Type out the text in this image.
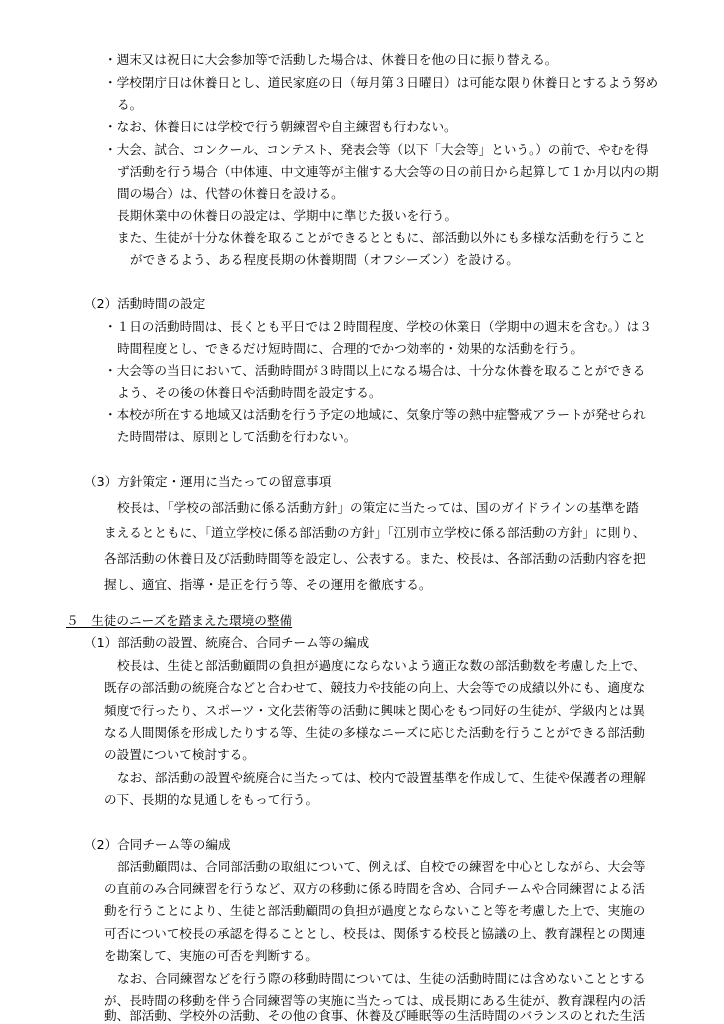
・週末又は祝日に大会参加等で活動した場合は、休養日を他の日に振り替える。
・学校閉庁日は休養日とし、道民家庭の日（毎月第３日曜日）は可能な限り休養日とするよう努め
る。
・なお、休養日には学校で行う朝練習や自主練習も行わない。
・大会、試合、コンクール、コンテスト、発表会等（以下「大会等」という。）の前で、やむを得
ず活動を行う場合（中体連、中文連等が主催する大会等の日の前日から起算して１か月以内の期
間の場合）は、代替の休養日を設ける。
長期休業中の休養日の設定は、学期中に準じた扱いを行う。
また、生徒が十分な休養を取ることができるとともに、部活動以外にも多様な活動を行うこと
ができるよう、ある程度長期の休養期間（オフシーズン）を設ける。
（2）活動時間の設定
・１日の活動時間は、長くとも平日では２時間程度、学校の休業日（学期中の週末を含む。）は３
時間程度とし、できるだけ短時間に、合理的でかつ効率的・効果的な活動を行う。
・大会等の当日において、活動時間が３時間以上になる場合は、十分な休養を取ることができる
よう、その後の休養日や活動時間を設定する。
・本校が所在する地域又は活動を行う予定の地域に、気象庁等の熱中症警戒アラートが発せられ
た時間帯は、原則として活動を行わない。
（3）方針策定・運用に当たっての留意事項
校長は、「学校の部活動に係る活動方針」の策定に当たっては、国のガイドラインの基準を踏
まえるとともに、「道立学校に係る部活動の方針」「江別市立学校に係る部活動の方針」に則り、
各部活動の休養日及び活動時間等を設定し、公表する。また、校長は、各部活動の活動内容を把
握し、適宜、指導・是正を行う等、その運用を徹底する。
５　生徒のニーズを踏まえた環境の整備
（1）部活動の設置、統廃合、合同チーム等の編成
校長は、生徒と部活動顧問の負担が過度にならないよう適正な数の部活動数を考慮した上で、
既存の部活動の統廃合などと合わせて、競技力や技能の向上、大会等での成績以外にも、適度な
頻度で行ったり、スポーツ・文化芸術等の活動に興味と関心をもつ同好の生徒が、学級内とは異
なる人間関係を形成したりする等、生徒の多様なニーズに応じた活動を行うことができる部活動
の設置について検討する。
なお、部活動の設置や統廃合に当たっては、校内で設置基準を作成して、生徒や保護者の理解
の下、長期的な見通しをもって行う。
（2）合同チーム等の編成
部活動顧問は、合同部活動の取組について、例えば、自校での練習を中心としながら、大会等
の直前のみ合同練習を行うなど、双方の移動に係る時間を含め、合同チームや合同練習による活
動を行うことにより、生徒と部活動顧問の負担が過度とならないこと等を考慮した上で、実施の
可否について校長の承認を得ることとし、校長は、関係する校長と協議の上、教育課程との関連
を勘案して、実施の可否を判断する。
なお、合同練習などを行う際の移動時間については、生徒の活動時間には含めないこととする
が、長時間の移動を伴う合同練習等の実施に当たっては、成長期にある生徒が、教育課程内の活
動、部活動、学校外の活動、その他の食事、休養及び睡眠等の生活時間のバランスのとれた生活
